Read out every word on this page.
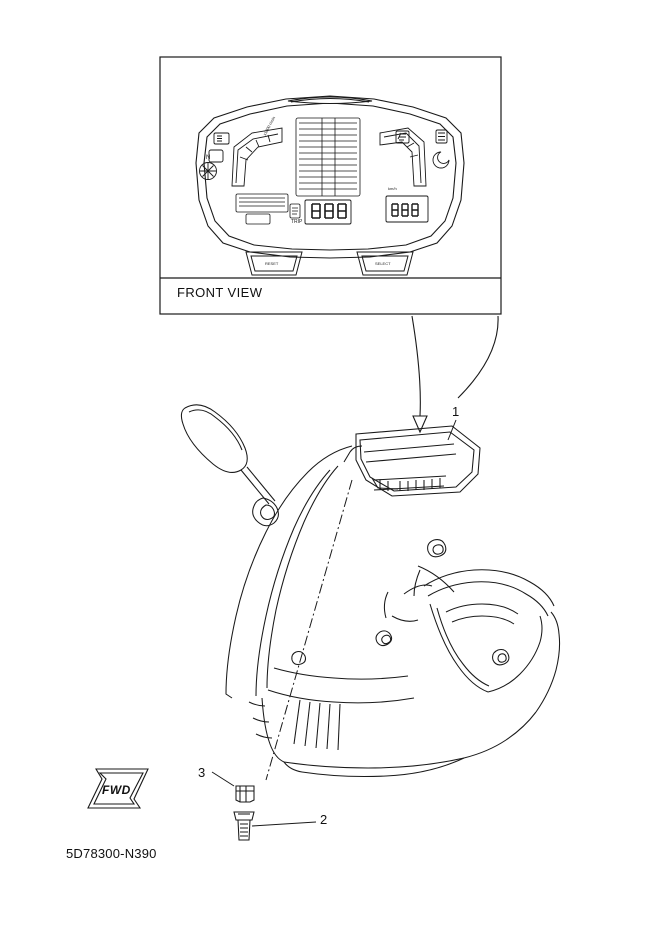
FRONT VIEW
5D78300-N390
1
2
3
FWD
RESET	SELECT
N
x1000 r/min
km/h
TRIP
